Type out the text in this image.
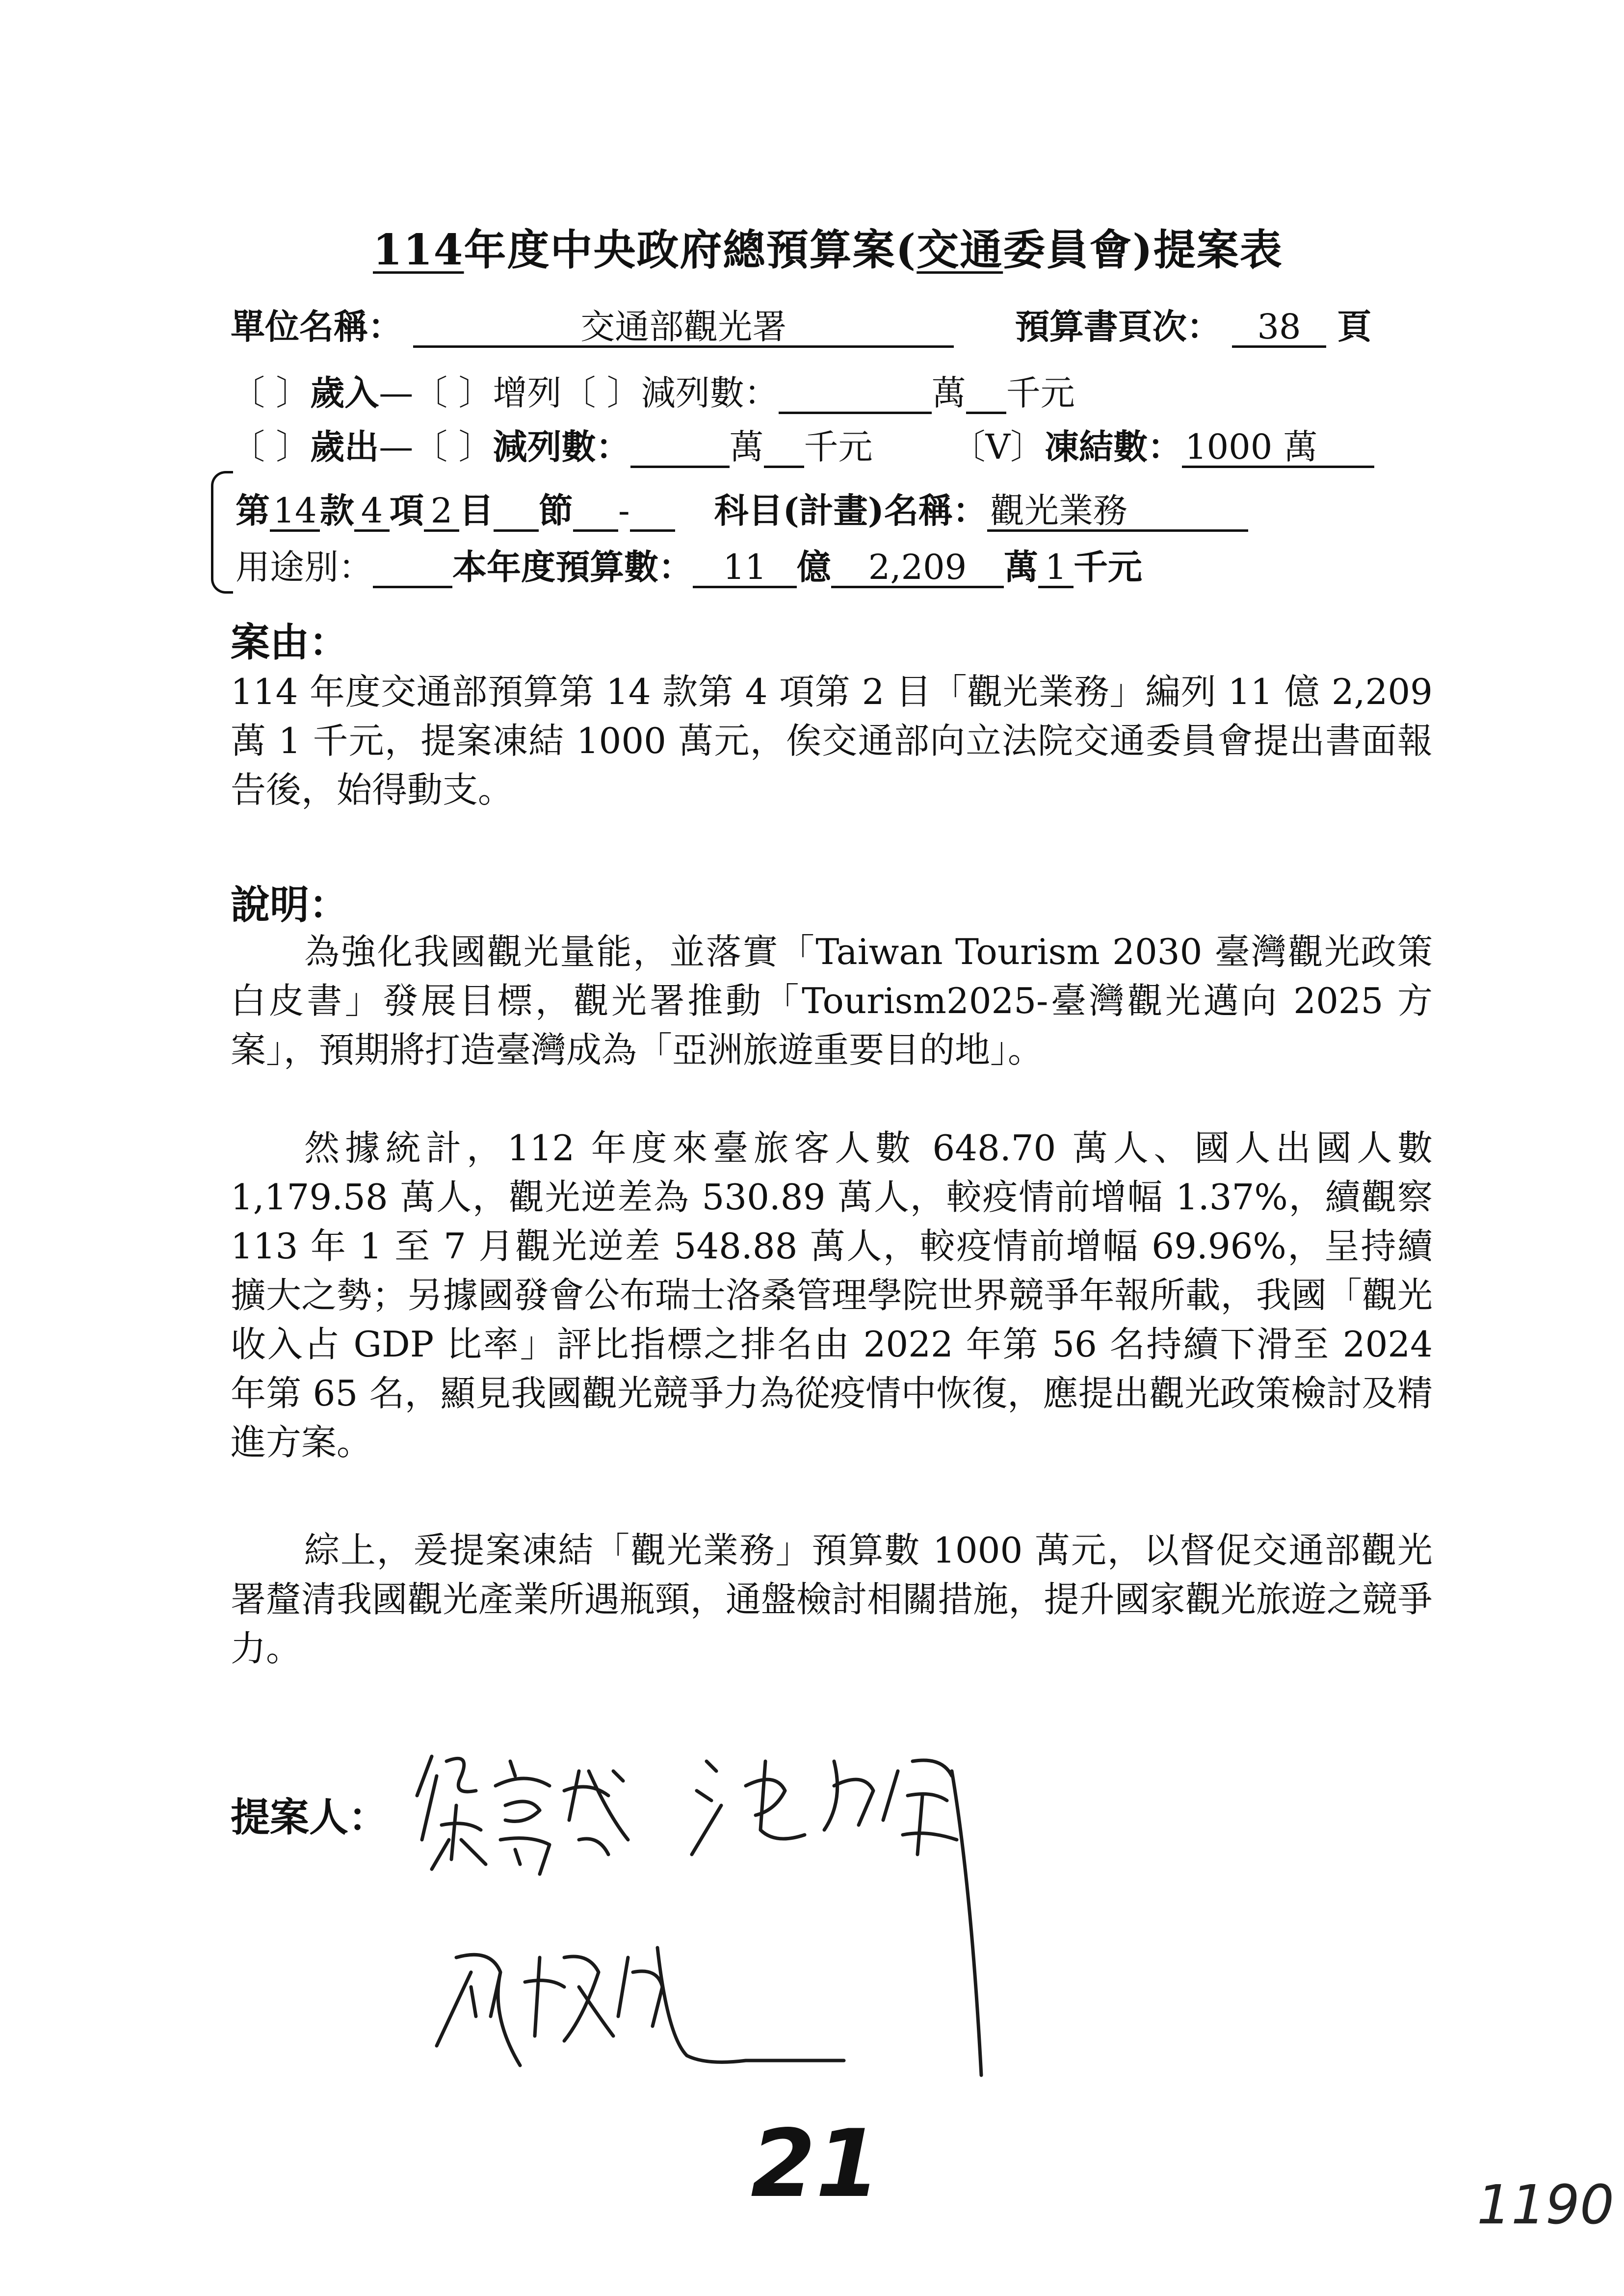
114年度中央政府總預算案(交通委員會)提案表
單位名稱：	交通部觀光署	預算書頁次： 38 頁
〔 〕歲入—〔 〕增列〔 〕減列數：	萬 千元
〔 〕歲出—〔 〕減列數：	萬 千元 〔V〕凍結數：1000 萬
第14款 4 項 2 目 節 - 科目(計畫)名稱：觀光業務
用途別： 本年度預算數： 11 億 2,209 萬 1 千元
案由：
114 年度交通部預算第 14 款第 4 項第 2 目「觀光業務」編列 11 億 2,209 萬 1 千元，提案凍結 1000 萬元，俟交通部向立法院交通委員會提出書面報告後，始得動支。
說明：
為強化我國觀光量能，並落實「Taiwan Tourism 2030 臺灣觀光政策白皮書」發展目標，觀光署推動「Tourism2025-臺灣觀光邁向 2025 方案」，預期將打造臺灣成為「亞洲旅遊重要目的地」。
然據統計，112 年度來臺旅客人數 648.70 萬人、國人出國人數 1,179.58 萬人，觀光逆差為 530.89 萬人，較疫情前增幅 1.37%，續觀察 113 年 1 至 7 月觀光逆差 548.88 萬人，較疫情前增幅 69.96%，呈持續擴大之勢；另據國發會公布瑞士洛桑管理學院世界競爭年報所載，我國「觀光收入占 GDP 比率」評比指標之排名由 2022 年第 56 名持續下滑至 2024 年第 65 名，顯見我國觀光競爭力為從疫情中恢復，應提出觀光政策檢討及精進方案。
綜上，爰提案凍結「觀光業務」預算數 1000 萬元，以督促交通部觀光署釐清我國觀光產業所遇瓶頸，通盤檢討相關措施，提升國家觀光旅遊之競爭力。
提案人：
21	1190
